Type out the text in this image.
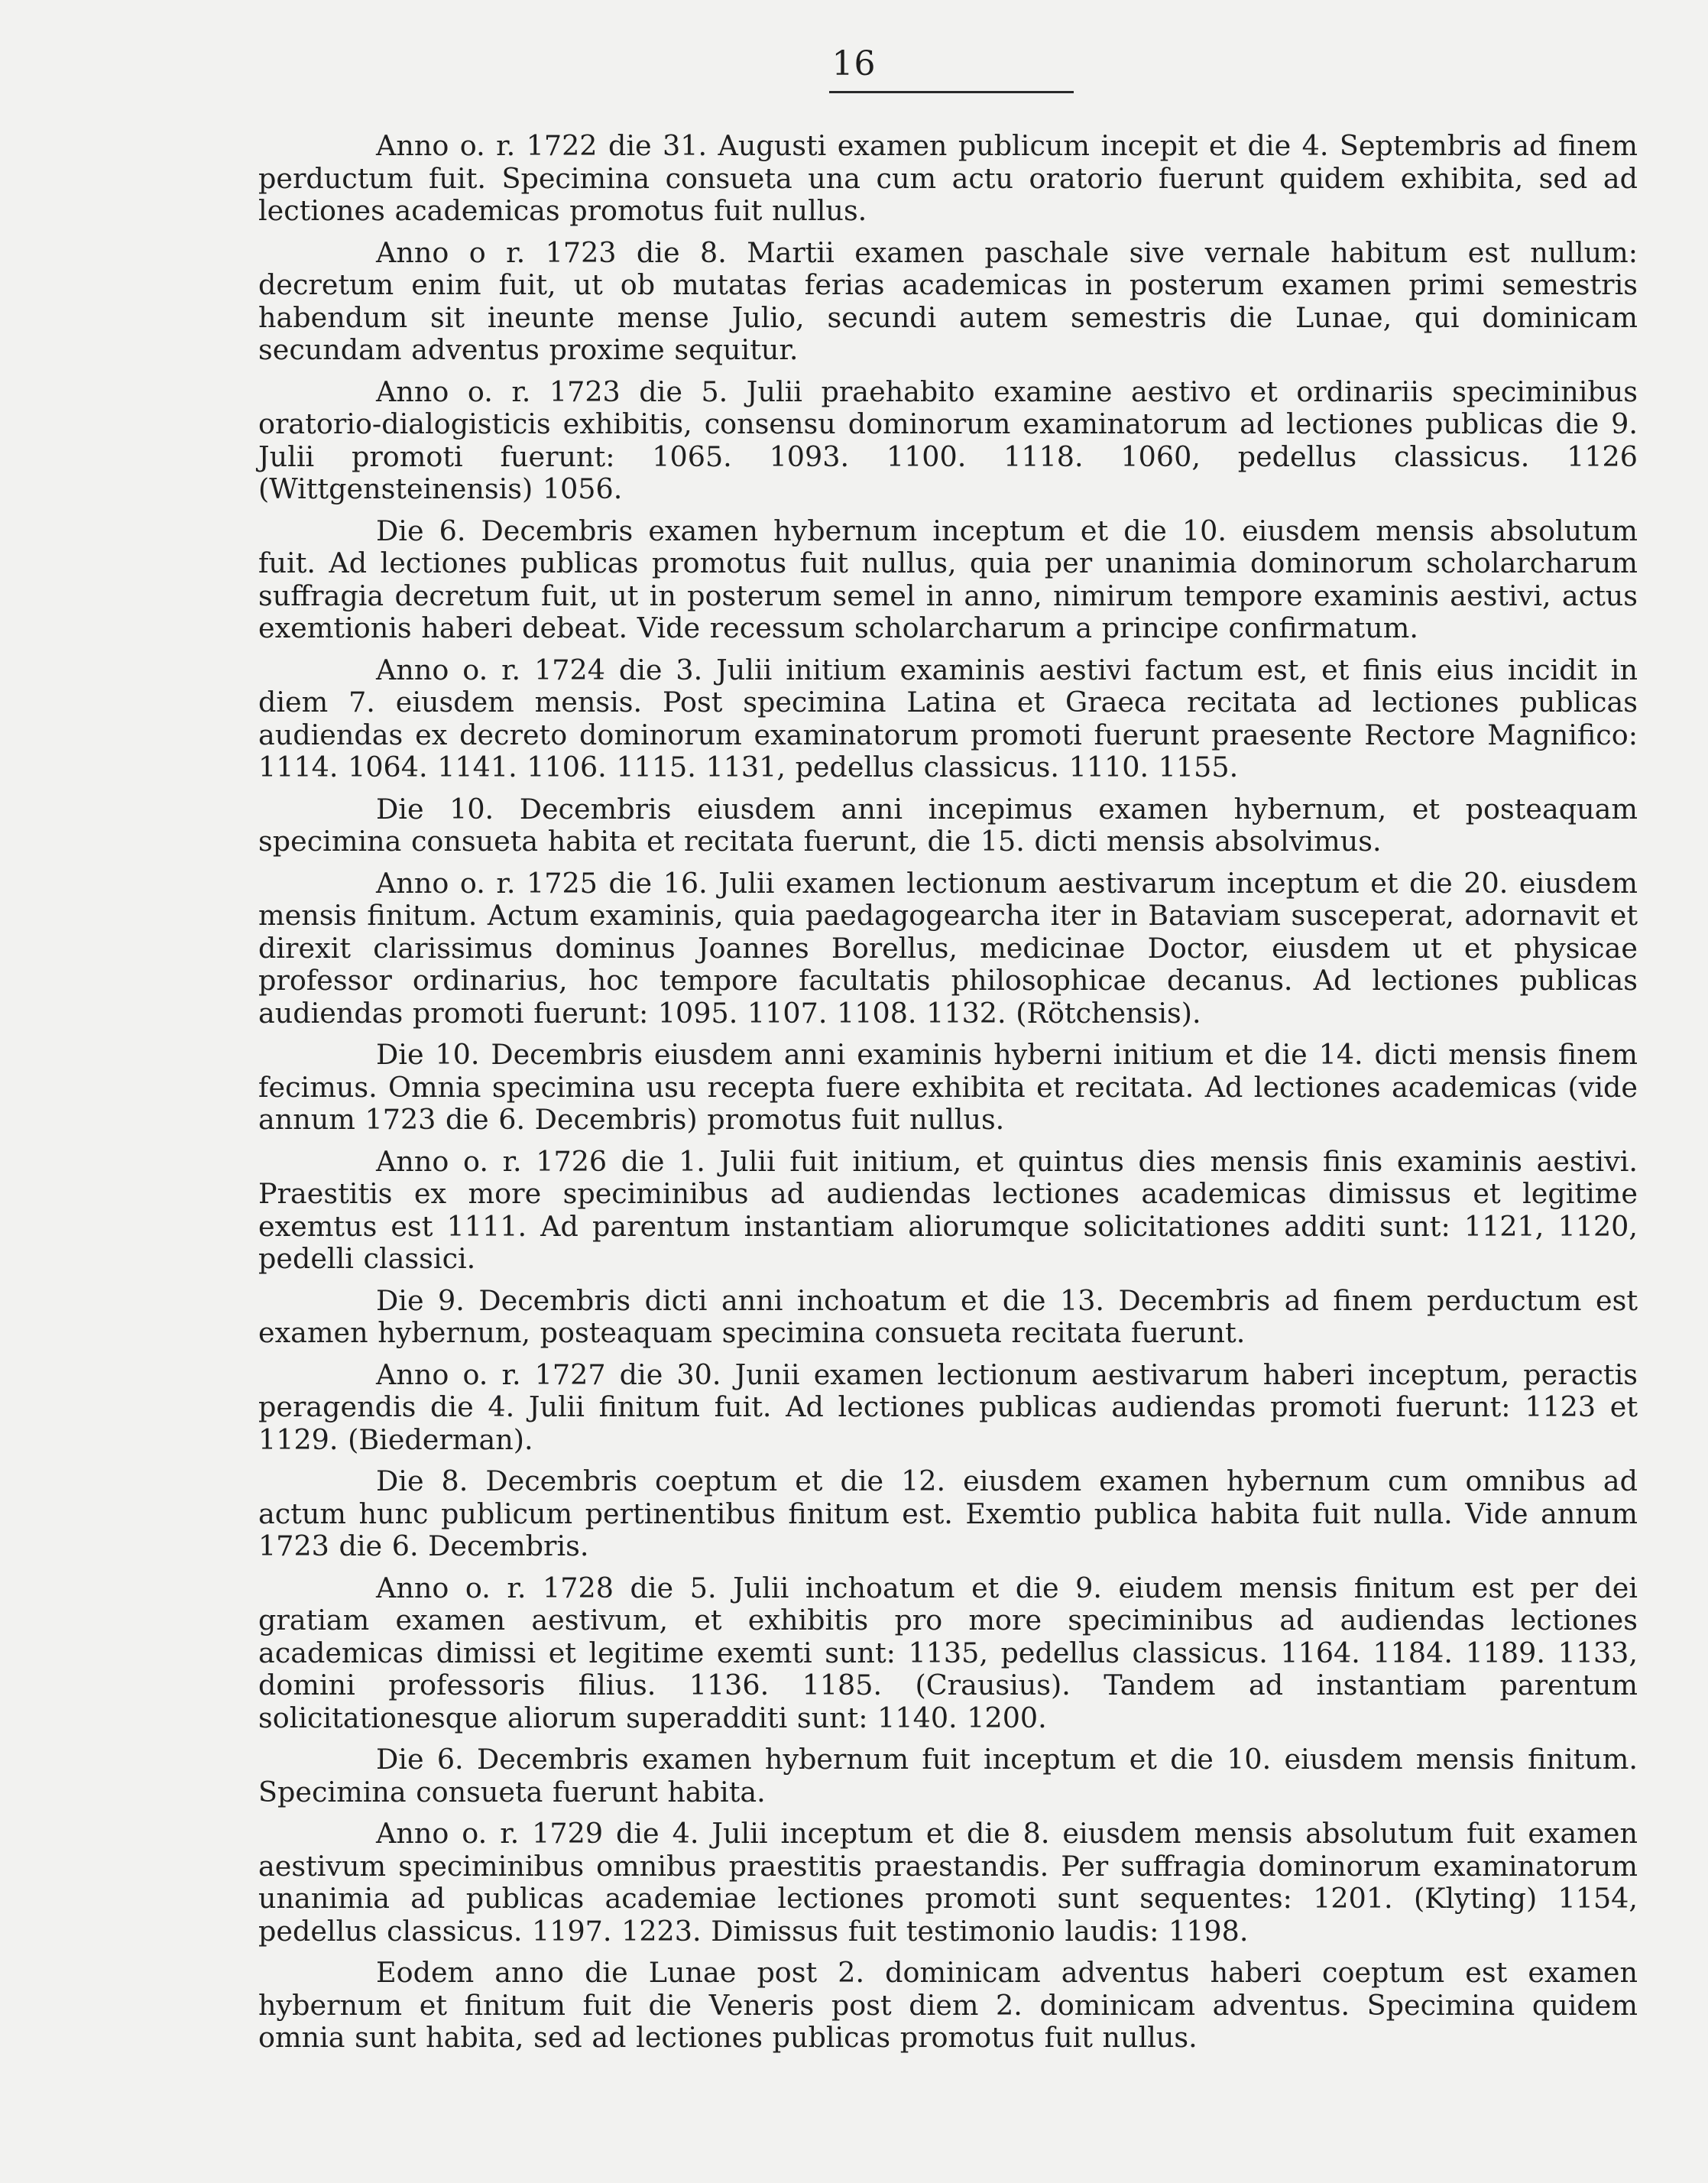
16

Anno o. r. 1722 die 31. Augusti examen publicum incepit et die 4. Septembris ad finem perductum fuit. Specimina consueta una cum actu oratorio fuerunt quidem exhibita, sed ad lectiones academicas promotus fuit nullus.

Anno o r. 1723 die 8. Martii examen paschale sive vernale habitum est nullum: decretum enim fuit, ut ob mutatas ferias academicas in posterum examen primi semestris habendum sit ineunte mense Julio, secundi autem semestris die Lunae, qui dominicam secundam adventus proxime sequitur.

Anno o. r. 1723 die 5. Julii praehabito examine aestivo et ordinariis speciminibus oratorio-dialogisticis exhibitis, consensu dominorum examinatorum ad lectiones publicas die 9. Julii promoti fuerunt: 1065. 1093. 1100. 1118. 1060, pedellus classicus. 1126 (Wittgensteinensis) 1056.

Die 6. Decembris examen hybernum inceptum et die 10. eiusdem mensis absolutum fuit. Ad lectiones publicas promotus fuit nullus, quia per unanimia dominorum scholarcharum suffragia decretum fuit, ut in posterum semel in anno, nimirum tempore examinis aestivi, actus exemtionis haberi debeat. Vide recessum scholarcharum a principe confirmatum.

Anno o. r. 1724 die 3. Julii initium examinis aestivi factum est, et finis eius incidit in diem 7. eiusdem mensis. Post specimina Latina et Graeca recitata ad lectiones publicas audiendas ex decreto dominorum examinatorum promoti fuerunt praesente Rectore Magnifico: 1114. 1064. 1141. 1106. 1115. 1131, pedellus classicus. 1110. 1155.

Die 10. Decembris eiusdem anni incepimus examen hybernum, et posteaquam specimina consueta habita et recitata fuerunt, die 15. dicti mensis absolvimus.

Anno o. r. 1725 die 16. Julii examen lectionum aestivarum inceptum et die 20. eiusdem mensis finitum. Actum examinis, quia paedagogearcha iter in Bataviam susceperat, adornavit et direxit clarissimus dominus Joannes Borellus, medicinae Doctor, eiusdem ut et physicae professor ordinarius, hoc tempore facultatis philosophicae decanus. Ad lectiones publicas audiendas promoti fuerunt: 1095. 1107. 1108. 1132. (Rötchensis).

Die 10. Decembris eiusdem anni examinis hyberni initium et die 14. dicti mensis finem fecimus. Omnia specimina usu recepta fuere exhibita et recitata. Ad lectiones academicas (vide annum 1723 die 6. Decembris) promotus fuit nullus.

Anno o. r. 1726 die 1. Julii fuit initium, et quintus dies mensis finis examinis aestivi. Praestitis ex more speciminibus ad audiendas lectiones academicas dimissus et legitime exemtus est 1111. Ad parentum instantiam aliorumque solicitationes additi sunt: 1121, 1120, pedelli classici.

Die 9. Decembris dicti anni inchoatum et die 13. Decembris ad finem perductum est examen hybernum, posteaquam specimina consueta recitata fuerunt.

Anno o. r. 1727 die 30. Junii examen lectionum aestivarum haberi inceptum, peractis peragendis die 4. Julii finitum fuit. Ad lectiones publicas audiendas promoti fuerunt: 1123 et 1129. (Biederman).

Die 8. Decembris coeptum et die 12. eiusdem examen hybernum cum omnibus ad actum hunc publicum pertinentibus finitum est. Exemtio publica habita fuit nulla. Vide annum 1723 die 6. Decembris.

Anno o. r. 1728 die 5. Julii inchoatum et die 9. eiudem mensis finitum est per dei gratiam examen aestivum, et exhibitis pro more speciminibus ad audiendas lectiones academicas dimissi et legitime exemti sunt: 1135, pedellus classicus. 1164. 1184. 1189. 1133, domini professoris filius. 1136. 1185. (Crausius). Tandem ad instantiam parentum solicitationesque aliorum superadditi sunt: 1140. 1200.

Die 6. Decembris examen hybernum fuit inceptum et die 10. eiusdem mensis finitum. Specimina consueta fuerunt habita.

Anno o. r. 1729 die 4. Julii inceptum et die 8. eiusdem mensis absolutum fuit examen aestivum speciminibus omnibus praestitis praestandis. Per suffragia dominorum examinatorum unanimia ad publicas academiae lectiones promoti sunt sequentes: 1201. (Klyting) 1154, pedellus classicus. 1197. 1223. Dimissus fuit testimonio laudis: 1198.

Eodem anno die Lunae post 2. dominicam adventus haberi coeptum est examen hybernum et finitum fuit die Veneris post diem 2. dominicam adventus. Specimina quidem omnia sunt habita, sed ad lectiones publicas promotus fuit nullus.
